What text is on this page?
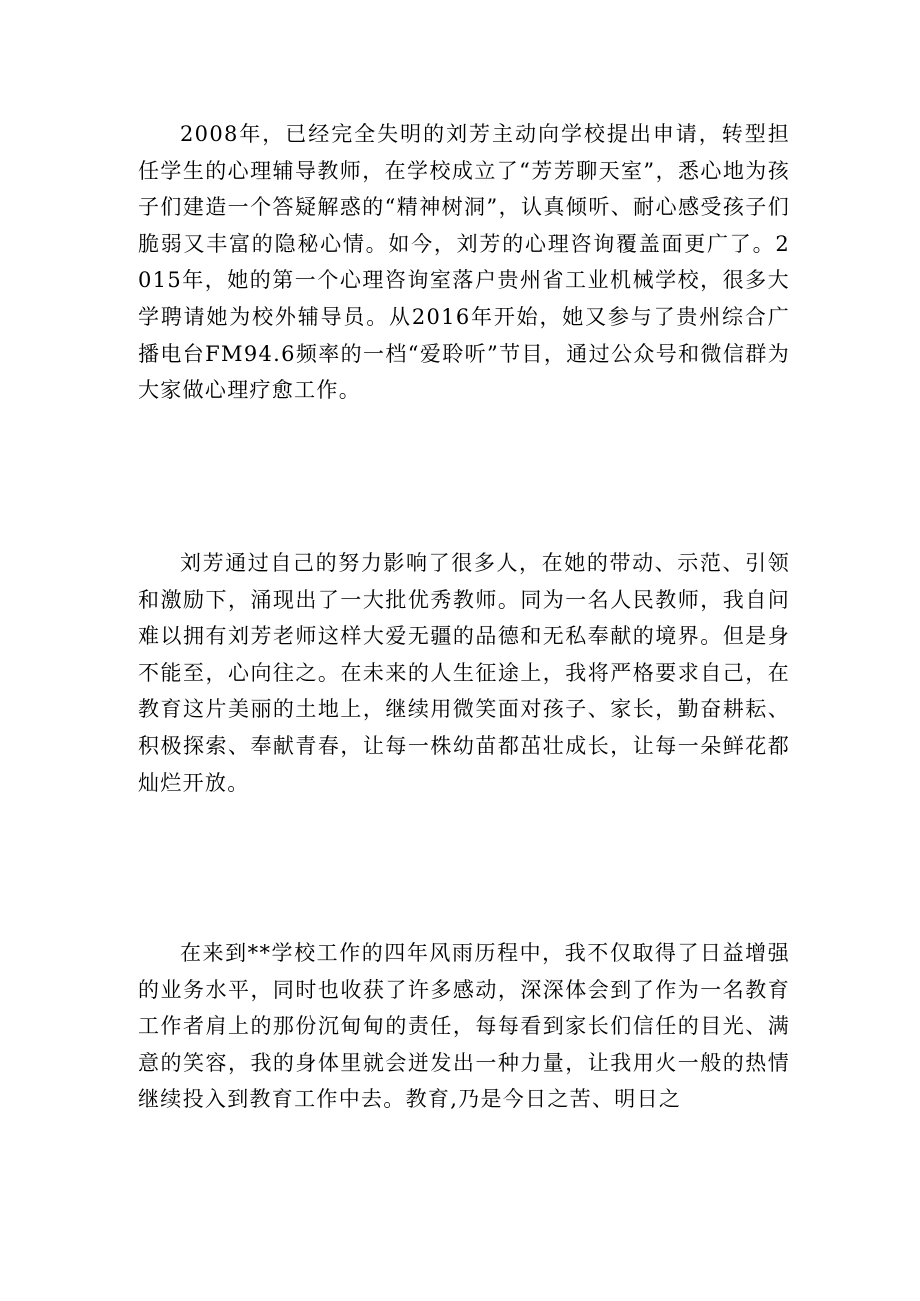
2008年，已经完全失明的刘芳主动向学校提出申请，转型担任学生的心理辅导教师，在学校成立了“芳芳聊天室”，悉心地为孩子们建造一个答疑解惑的“精神树洞”，认真倾听、耐心感受孩子们脆弱又丰富的隐秘心情。如今，刘芳的心理咨询覆盖面更广了。2015年，她的第一个心理咨询室落户贵州省工业机械学校，很多大学聘请她为校外辅导员。从2016年开始，她又参与了贵州综合广播电台FM94.6频率的一档“爱聆听”节目，通过公众号和微信群为大家做心理疗愈工作。

刘芳通过自己的努力影响了很多人，在她的带动、示范、引领和激励下，涌现出了一大批优秀教师。同为一名人民教师，我自问难以拥有刘芳老师这样大爱无疆的品德和无私奉献的境界。但是身不能至，心向往之。在未来的人生征途上，我将严格要求自己，在教育这片美丽的土地上，继续用微笑面对孩子、家长，勤奋耕耘、积极探索、奉献青春，让每一株幼苗都茁壮成长，让每一朵鲜花都灿烂开放。

在来到**学校工作的四年风雨历程中，我不仅取得了日益增强的业务水平，同时也收获了许多感动，深深体会到了作为一名教育工作者肩上的那份沉甸甸的责任，每每看到家长们信任的目光、满意的笑容，我的身体里就会迸发出一种力量，让我用火一般的热情继续投入到教育工作中去。教育,乃是今日之苦、明日之
